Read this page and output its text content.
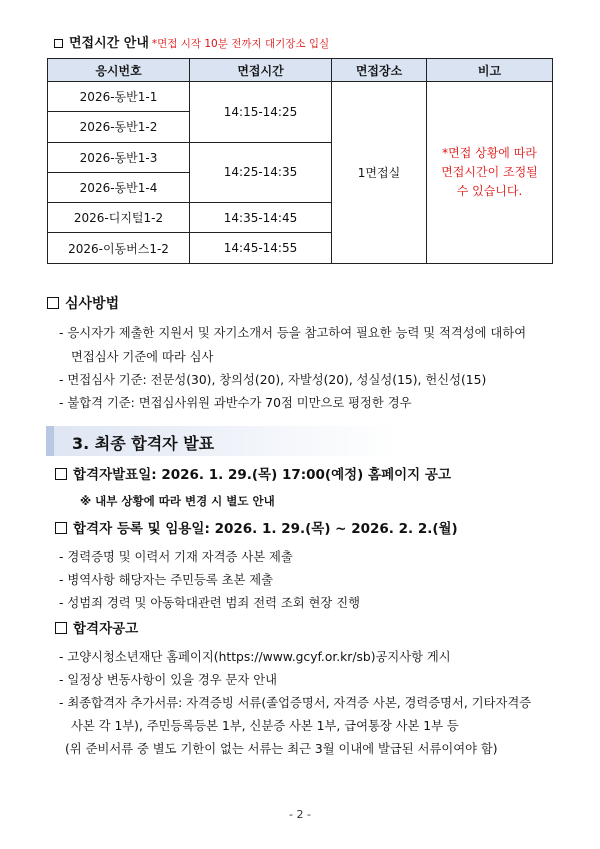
면접시간 안내 *면접 시작 10분 전까지 대기장소 입실
응시번호	면접시간	면접장소	비고
2026-동반1-1	14:15-14:25	1면접실	*면접 상황에 따라 면접시간이 조정될 수 있습니다.
2026-동반1-2			
2026-동반1-3	14:25-14:35		
2026-동반1-4			
2026-디지털1-2	14:35-14:45		
2026-이동버스1-2	14:45-14:55		
심사방법
- 응시자가 제출한 지원서 및 자기소개서 등을 참고하여 필요한 능력 및 적격성에 대하여
면접심사 기준에 따라 심사
- 면접심사 기준: 전문성(30), 창의성(20), 자발성(20), 성실성(15), 헌신성(15)
- 불합격 기준: 면접심사위원 과반수가 70점 미만으로 평정한 경우
3. 최종 합격자 발표
합격자발표일: 2026. 1. 29.(목) 17:00(예정) 홈페이지 공고
※ 내부 상황에 따라 변경 시 별도 안내
합격자 등록 및 임용일: 2026. 1. 29.(목) ~ 2026. 2. 2.(월)
- 경력증명 및 이력서 기재 자격증 사본 제출
- 병역사항 해당자는 주민등록 초본 제출
- 성범죄 경력 및 아동학대관련 범죄 전력 조회 현장 진행
합격자공고
- 고양시청소년재단 홈페이지(https://www.gcyf.or.kr/sb)공지사항 게시
- 일정상 변동사항이 있을 경우 문자 안내
- 최종합격자 추가서류: 자격증빙 서류(졸업증명서, 자격증 사본, 경력증명서, 기타자격증
사본 각 1부), 주민등록등본 1부, 신분증 사본 1부, 급여통장 사본 1부 등
(위 준비서류 중 별도 기한이 없는 서류는 최근 3월 이내에 발급된 서류이여야 함)
- 2 -
